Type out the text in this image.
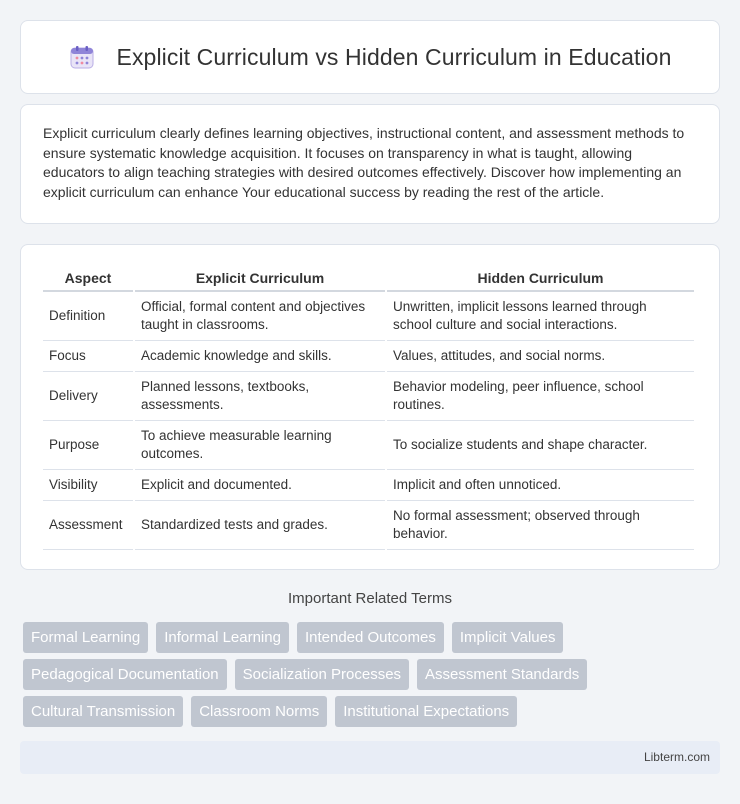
Explicit Curriculum vs Hidden Curriculum in Education

Explicit curriculum clearly defines learning objectives, instructional content, and assessment methods to ensure systematic knowledge acquisition. It focuses on transparency in what is taught, allowing educators to align teaching strategies with desired outcomes effectively. Discover how implementing an explicit curriculum can enhance Your educational success by reading the rest of the article.

Aspect	Explicit Curriculum	Hidden Curriculum
Definition	Official, formal content and objectives taught in classrooms.	Unwritten, implicit lessons learned through school culture and social interactions.
Focus	Academic knowledge and skills.	Values, attitudes, and social norms.
Delivery	Planned lessons, textbooks, assessments.	Behavior modeling, peer influence, school routines.
Purpose	To achieve measurable learning outcomes.	To socialize students and shape character.
Visibility	Explicit and documented.	Implicit and often unnoticed.
Assessment	Standardized tests and grades.	No formal assessment; observed through behavior.
Important Related Terms
Formal Learning	Informal Learning	Intended Outcomes	Implicit Values
Pedagogical Documentation	Socialization Processes	Assessment Standards
Cultural Transmission	Classroom Norms	Institutional Expectations
Libterm.com
